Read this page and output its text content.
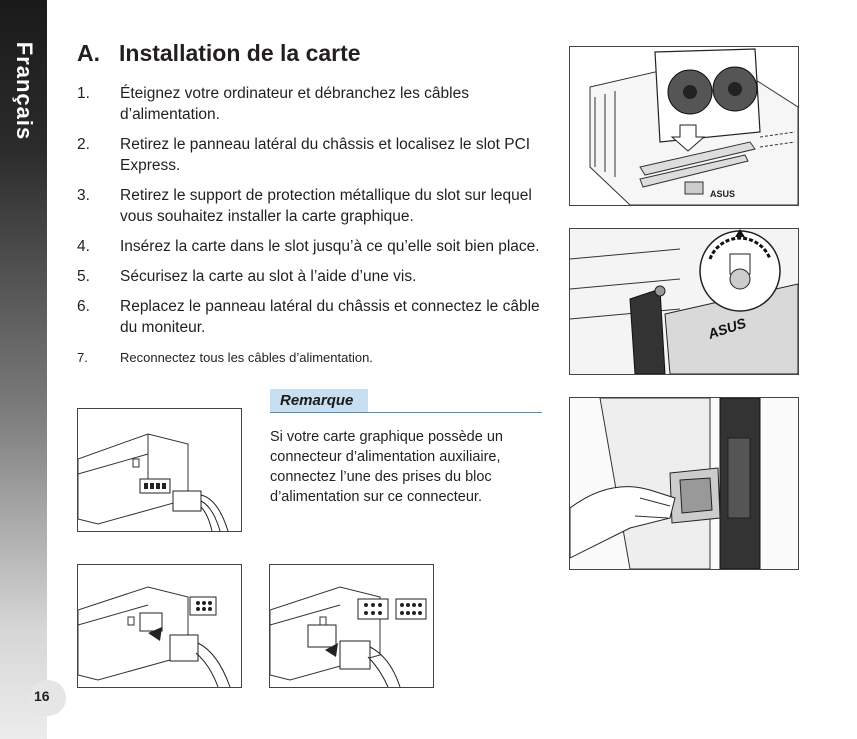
Français
16
A. Installation de la carte
1. Éteignez votre ordinateur et débranchez les câbles d’alimentation.
2. Retirez le panneau latéral du châssis et localisez le slot PCI Express.
3. Retirez le support de protection métallique du slot sur lequel vous souhaitez installer la carte graphique.
4. Insérez la carte dans le slot jusqu’à ce qu’elle soit bien place.
5. Sécurisez la carte au slot à l’aide d’une vis.
6. Replacez le panneau latéral du châssis et connectez le câble du moniteur.
7. Reconnectez tous les câbles d’alimentation.
Remarque
Si votre carte graphique possède un connecteur d’alimentation auxiliaire, connectez l’une des prises du bloc d’alimentation sur ce connecteur.
ASUS
ASUS
